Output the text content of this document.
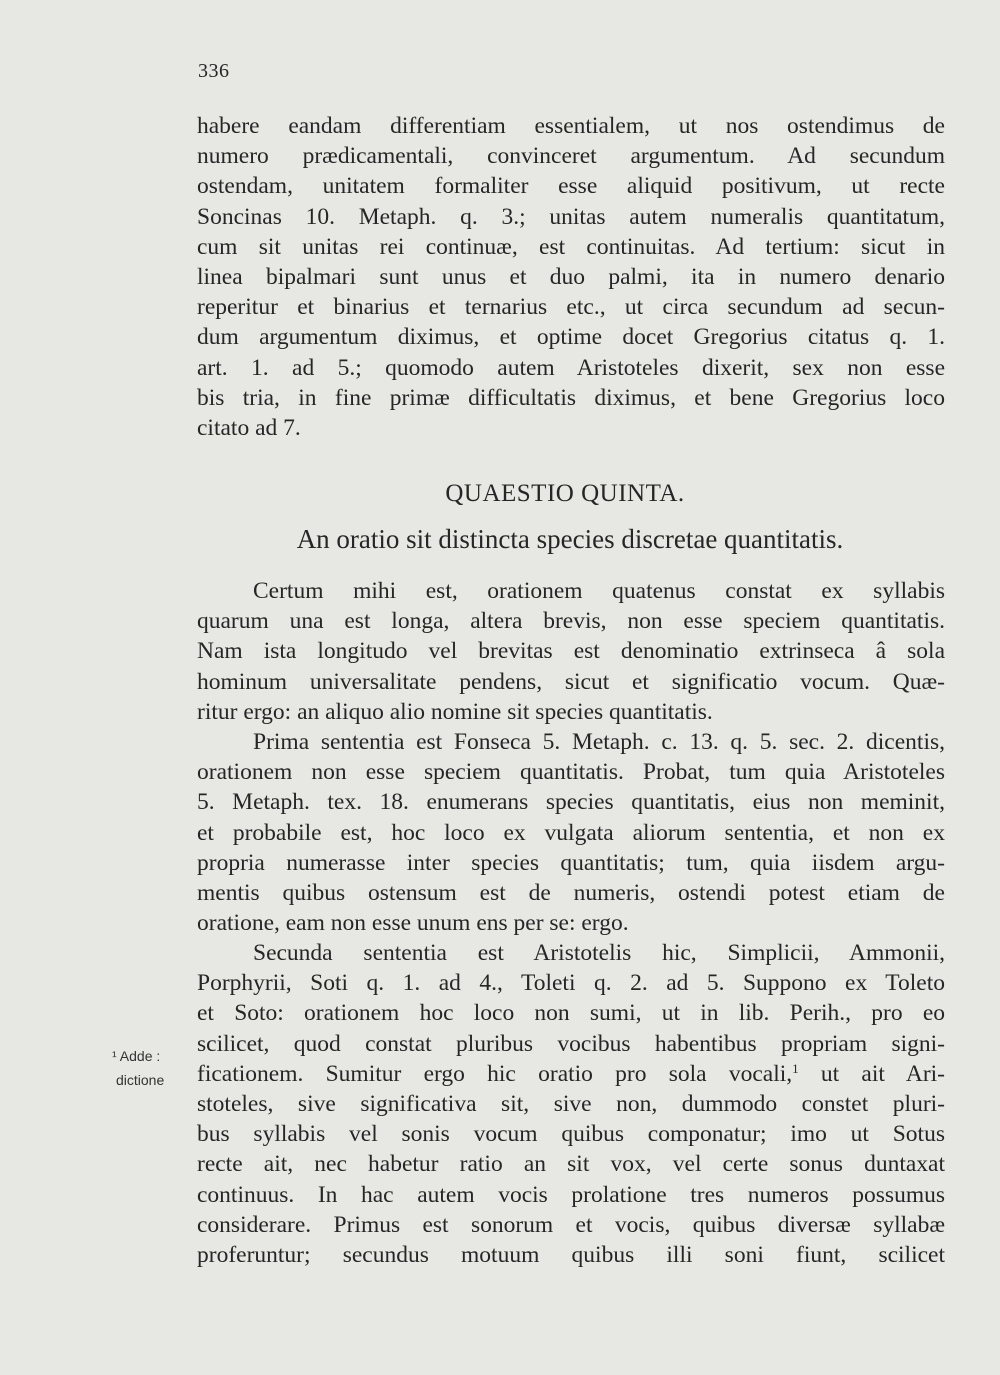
336
habere eandam differentiam essentialem, ut nos ostendimus de
numero prædicamentali, convinceret argumentum. Ad secundum
ostendam, unitatem formaliter esse aliquid positivum, ut recte
Soncinas 10. Metaph. q. 3.; unitas autem numeralis quantitatum,
cum sit unitas rei continuæ, est continuitas. Ad tertium: sicut in
linea bipalmari sunt unus et duo palmi, ita in numero denario
reperitur et binarius et ternarius etc., ut circa secundum ad secun-
dum argumentum diximus, et optime docet Gregorius citatus q. 1.
art. 1. ad 5.; quomodo autem Aristoteles dixerit, sex non esse
bis tria, in fine primæ difficultatis diximus, et bene Gregorius loco
citato ad 7.
QUAESTIO QUINTA.
An oratio sit distincta species discretae quantitatis.
Certum mihi est, orationem quatenus constat ex syllabis
quarum una est longa, altera brevis, non esse speciem quantitatis.
Nam ista longitudo vel brevitas est denominatio extrinseca â sola
hominum universalitate pendens, sicut et significatio vocum. Quæ-
ritur ergo: an aliquo alio nomine sit species quantitatis.
Prima sententia est Fonseca 5. Metaph. c. 13. q. 5. sec. 2. dicentis,
orationem non esse speciem quantitatis. Probat, tum quia Aristoteles
5. Metaph. tex. 18. enumerans species quantitatis, eius non meminit,
et probabile est, hoc loco ex vulgata aliorum sententia, et non ex
propria numerasse inter species quantitatis; tum, quia iisdem argu-
mentis quibus ostensum est de numeris, ostendi potest etiam de
oratione, eam non esse unum ens per se: ergo.
Secunda sententia est Aristotelis hic, Simplicii, Ammonii,
Porphyrii, Soti q. 1. ad 4., Toleti q. 2. ad 5. Suppono ex Toleto
et Soto: orationem hoc loco non sumi, ut in lib. Perih., pro eo
scilicet, quod constat pluribus vocibus habentibus propriam signi-
ficationem. Sumitur ergo hic oratio pro sola vocali,$^1$ ut ait Ari-
stoteles, sive significativa sit, sive non, dummodo constet pluri-
bus syllabis vel sonis vocum quibus componatur; imo ut Sotus
recte ait, nec habetur ratio an sit vox, vel certe sonus duntaxat
continuus. In hac autem vocis prolatione tres numeros possumus
considerare. Primus est sonorum et vocis, quibus diversæ syllabæ
proferuntur; secundus motuum quibus illi soni fiunt, scilicet
¹ Adde :
dictione
